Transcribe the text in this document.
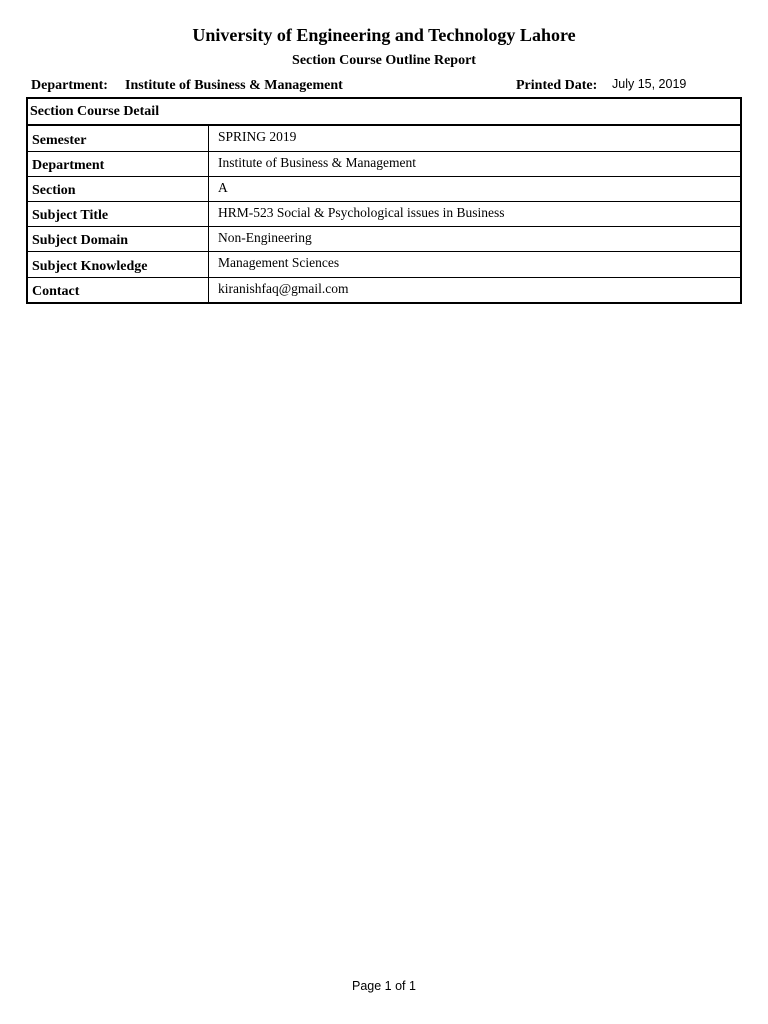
University of Engineering and Technology Lahore
Section Course Outline Report
Department: Institute of Business & Management	Printed Date: July 15, 2019
Section Course Detail
Semester	SPRING 2019
Department	Institute of Business & Management
Section	A
Subject Title	HRM-523 Social & Psychological issues in Business
Subject Domain	Non-Engineering
Subject Knowledge	Management Sciences
Contact	kiranishfaq@gmail.com
Page 1 of 1
